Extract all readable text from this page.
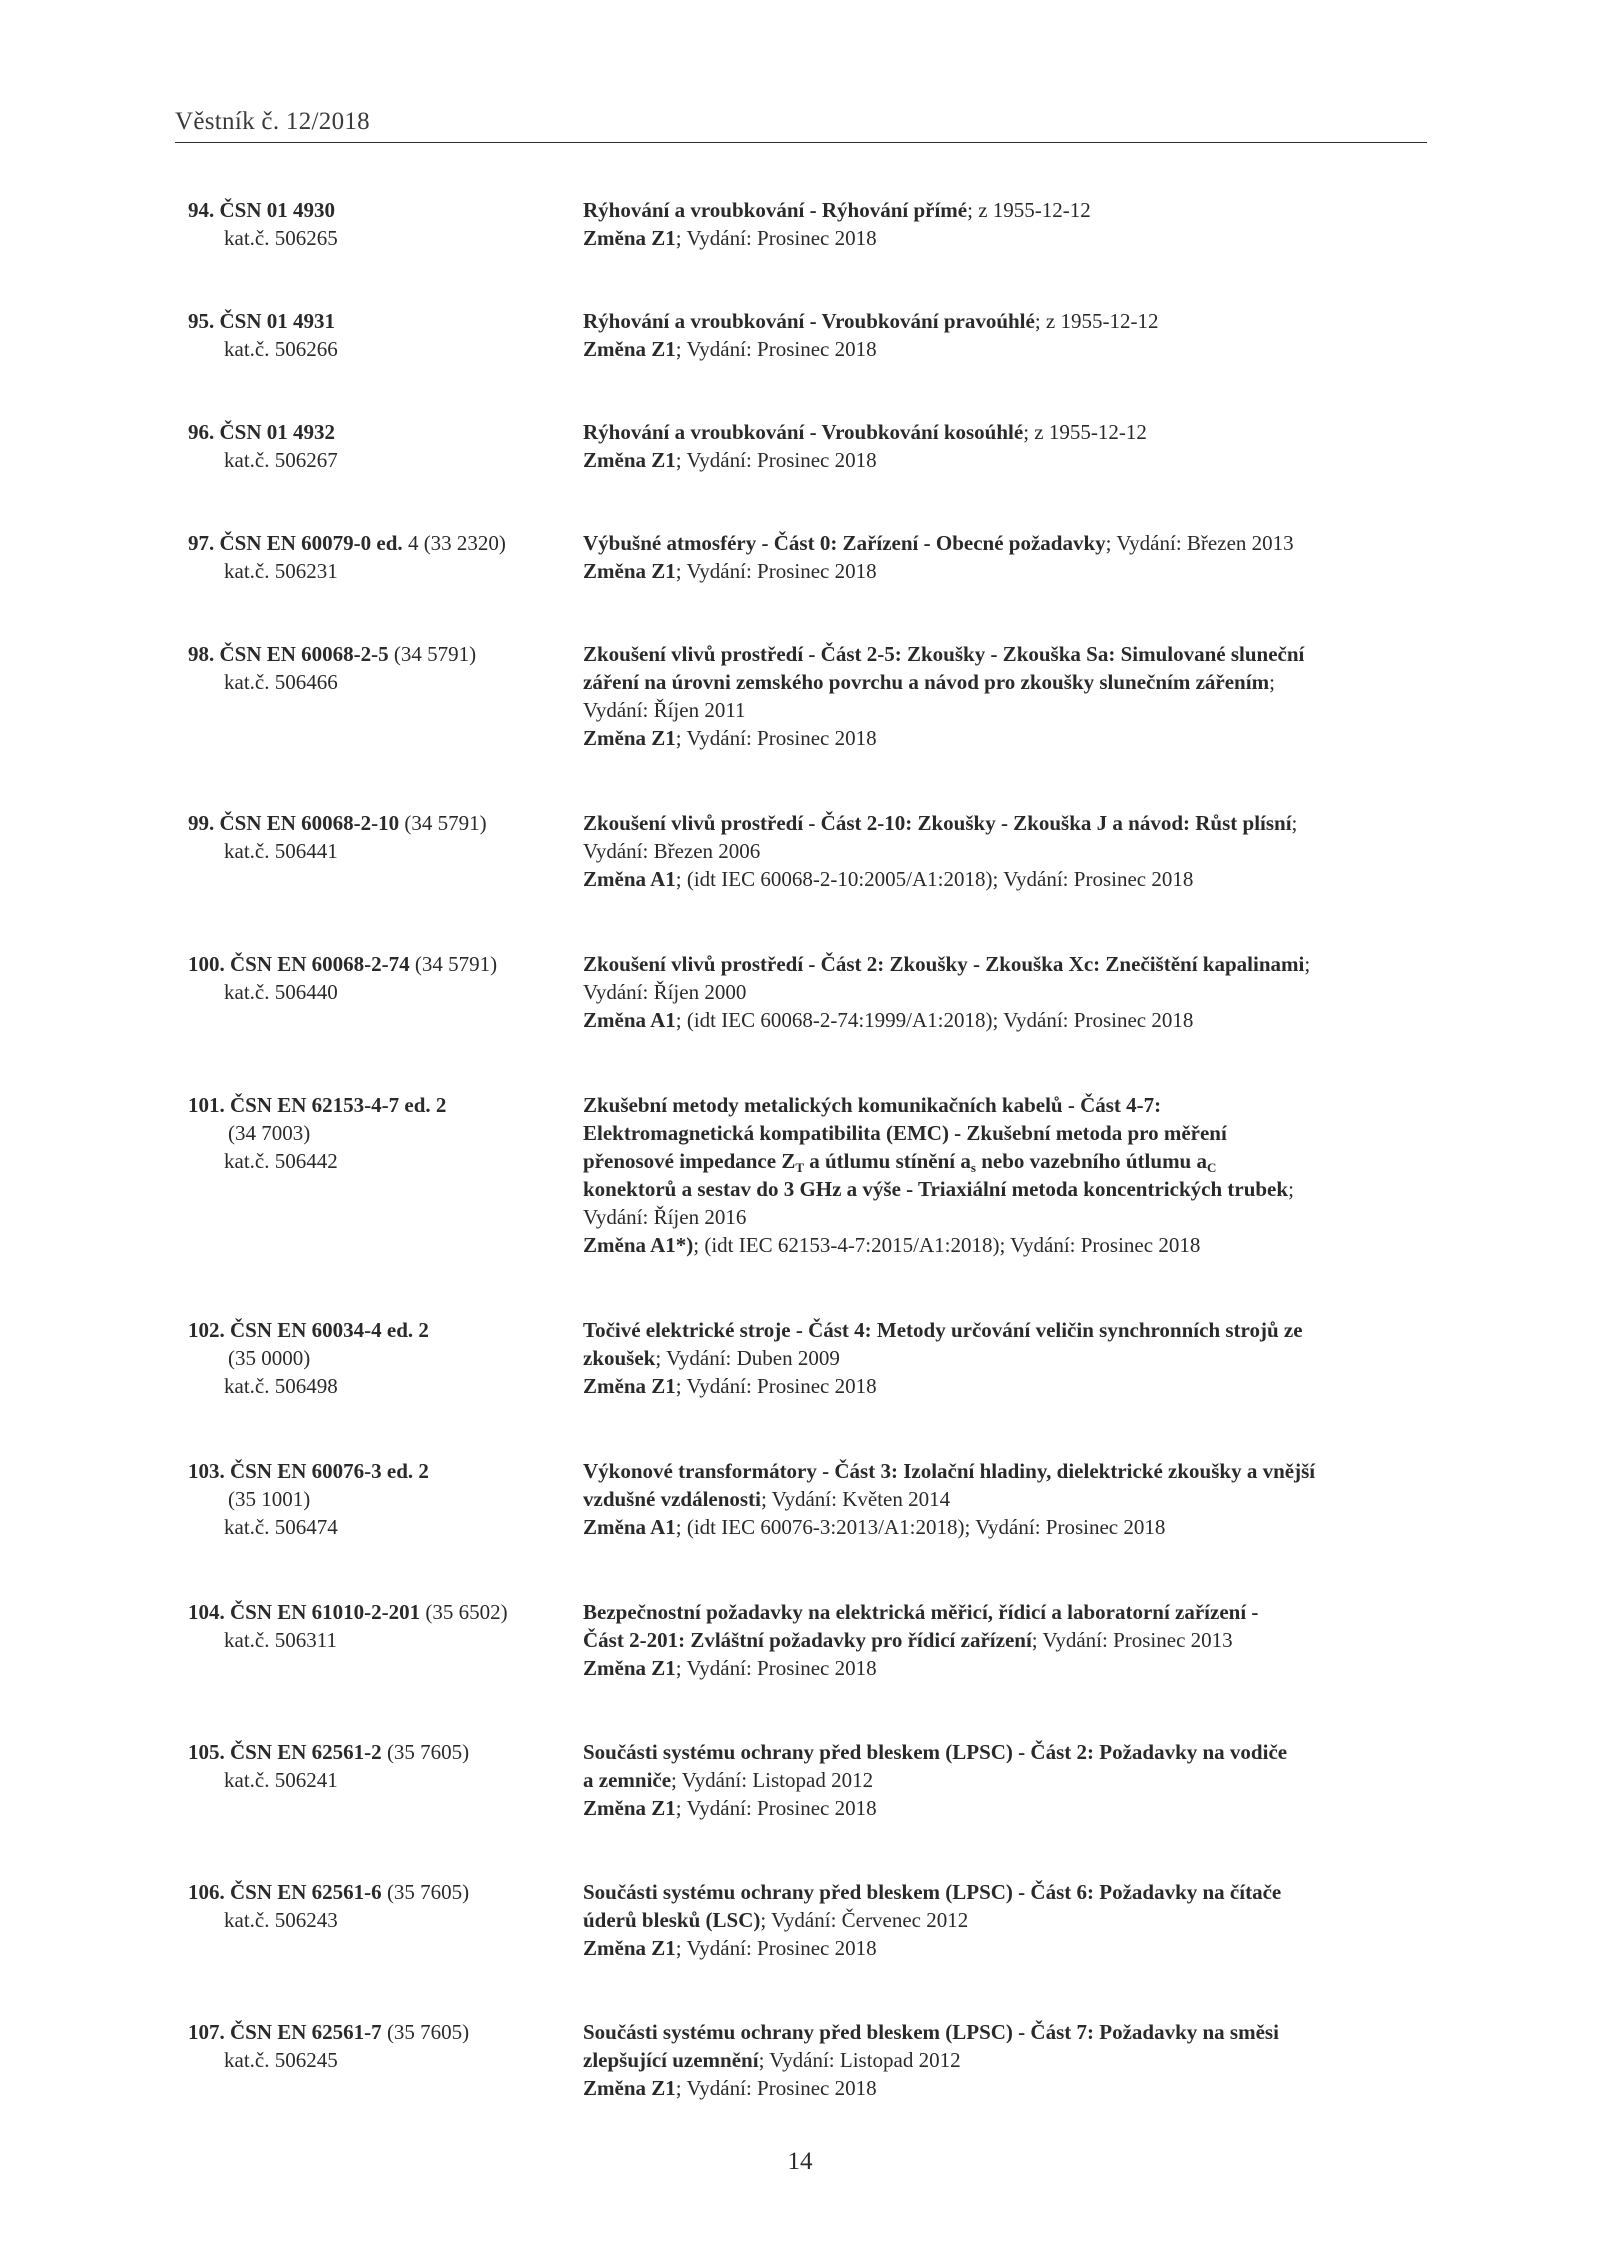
Věstník č. 12/2018
94. ČSN 01 4930
kat.č. 506265
Rýhování a vroubkování - Rýhování přímé; z 1955-12-12
Změna Z1; Vydání: Prosinec 2018
95. ČSN 01 4931
kat.č. 506266
Rýhování a vroubkování - Vroubkování pravoúhlé; z 1955-12-12
Změna Z1; Vydání: Prosinec 2018
96. ČSN 01 4932
kat.č. 506267
Rýhování a vroubkování - Vroubkování kosoúhlé; z 1955-12-12
Změna Z1; Vydání: Prosinec 2018
97. ČSN EN 60079-0 ed. 4 (33 2320)
kat.č. 506231
Výbušné atmosféry - Část 0: Zařízení - Obecné požadavky; Vydání: Březen 2013
Změna Z1; Vydání: Prosinec 2018
98. ČSN EN 60068-2-5 (34 5791)
kat.č. 506466
Zkoušení vlivů prostředí - Část 2-5: Zkoušky - Zkouška Sa: Simulované sluneční
záření na úrovni zemského povrchu a návod pro zkoušky slunečním zářením;
Vydání: Říjen 2011
Změna Z1; Vydání: Prosinec 2018
99. ČSN EN 60068-2-10 (34 5791)
kat.č. 506441
Zkoušení vlivů prostředí - Část 2-10: Zkoušky - Zkouška J a návod: Růst plísní;
Vydání: Březen 2006
Změna A1; (idt IEC 60068-2-10:2005/A1:2018); Vydání: Prosinec 2018
100. ČSN EN 60068-2-74 (34 5791)
kat.č. 506440
Zkoušení vlivů prostředí - Část 2: Zkoušky - Zkouška Xc: Znečištění kapalinami;
Vydání: Říjen 2000
Změna A1; (idt IEC 60068-2-74:1999/A1:2018); Vydání: Prosinec 2018
101. ČSN EN 62153-4-7 ed. 2
(34 7003)
kat.č. 506442
Zkušební metody metalických komunikačních kabelů - Část 4-7:
Elektromagnetická kompatibilita (EMC) - Zkušební metoda pro měření
přenosové impedance $Z_T$ a útlumu stínění $a_s$ nebo vazebního útlumu $a_C$
konektorů a sestav do 3 GHz a výše - Triaxiální metoda koncentrických trubek;
Vydání: Říjen 2016
Změna A1*); (idt IEC 62153-4-7:2015/A1:2018); Vydání: Prosinec 2018
102. ČSN EN 60034-4 ed. 2
(35 0000)
kat.č. 506498
Točivé elektrické stroje - Část 4: Metody určování veličin synchronních strojů ze
zkoušek; Vydání: Duben 2009
Změna Z1; Vydání: Prosinec 2018
103. ČSN EN 60076-3 ed. 2
(35 1001)
kat.č. 506474
Výkonové transformátory - Část 3: Izolační hladiny, dielektrické zkoušky a vnější
vzdušné vzdálenosti; Vydání: Květen 2014
Změna A1; (idt IEC 60076-3:2013/A1:2018); Vydání: Prosinec 2018
104. ČSN EN 61010-2-201 (35 6502)
kat.č. 506311
Bezpečnostní požadavky na elektrická měřicí, řídicí a laboratorní zařízení -
Část 2-201: Zvláštní požadavky pro řídicí zařízení; Vydání: Prosinec 2013
Změna Z1; Vydání: Prosinec 2018
105. ČSN EN 62561-2 (35 7605)
kat.č. 506241
Součásti systému ochrany před bleskem (LPSC) - Část 2: Požadavky na vodiče
a zemniče; Vydání: Listopad 2012
Změna Z1; Vydání: Prosinec 2018
106. ČSN EN 62561-6 (35 7605)
kat.č. 506243
Součásti systému ochrany před bleskem (LPSC) - Část 6: Požadavky na čítače
úderů blesků (LSC); Vydání: Červenec 2012
Změna Z1; Vydání: Prosinec 2018
107. ČSN EN 62561-7 (35 7605)
kat.č. 506245
Součásti systému ochrany před bleskem (LPSC) - Část 7: Požadavky na směsi
zlepšující uzemnění; Vydání: Listopad 2012
Změna Z1; Vydání: Prosinec 2018
14
